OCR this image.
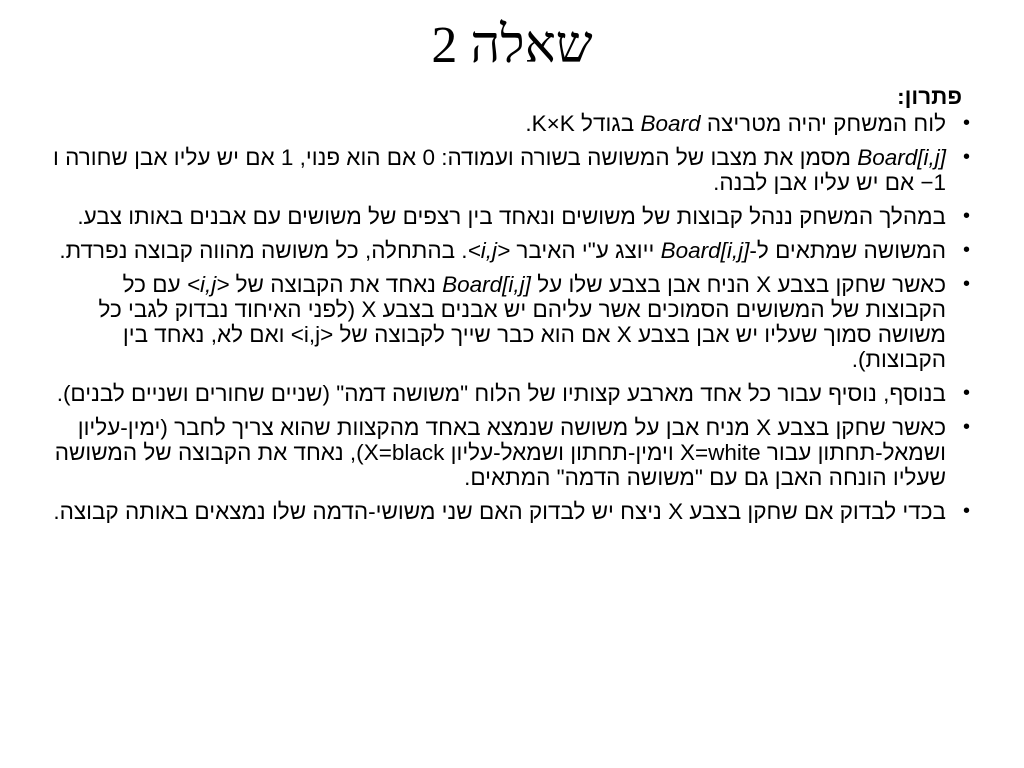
שאלה 2
פתרון:
•
לוח המשחק יהיה מטריצה Board בגודל K×K.
•
Board[i,j] מסמן את מצבו של המשושה בשורה ועמודה: 0 אם הוא פנוי, 1 אם יש עליו אבן שחורה ו 1− אם יש עליו אבן לבנה.
•
במהלך המשחק ננהל קבוצות של משושים ונאחד בין רצפים של משושים עם אבנים באותו צבע.
•
המשושה שמתאים ל-Board[i,j] ייוצג ע"י האיבר <i,j>. בהתחלה, כל משושה מהווה קבוצה נפרדת.
•
כאשר שחקן בצבע X הניח אבן בצבע שלו על Board[i,j] נאחד את הקבוצה של <i,j> עם כל הקבוצות של המשושים הסמוכים אשר עליהם יש אבנים בצבע X (לפני האיחוד נבדוק לגבי כל משושה סמוך שעליו יש אבן בצבע X אם הוא כבר שייך לקבוצה של <i,j> ואם לא, נאחד בין הקבוצות).
•
בנוסף, נוסיף עבור כל אחד מארבע קצותיו של הלוח "משושה דמה" (שניים שחורים ושניים לבנים).
•
כאשר שחקן בצבע X מניח אבן על משושה שנמצא באחד מהקצוות שהוא צריך לחבר (ימין-עליון ושמאל-תחתון עבור X=white וימין-תחתון ושמאל-עליון X=black), נאחד את הקבוצה של המשושה שעליו הונחה האבן גם עם "משושה הדמה" המתאים.
•
בכדי לבדוק אם שחקן בצבע X ניצח יש לבדוק האם שני משושי-הדמה שלו נמצאים באותה קבוצה.
